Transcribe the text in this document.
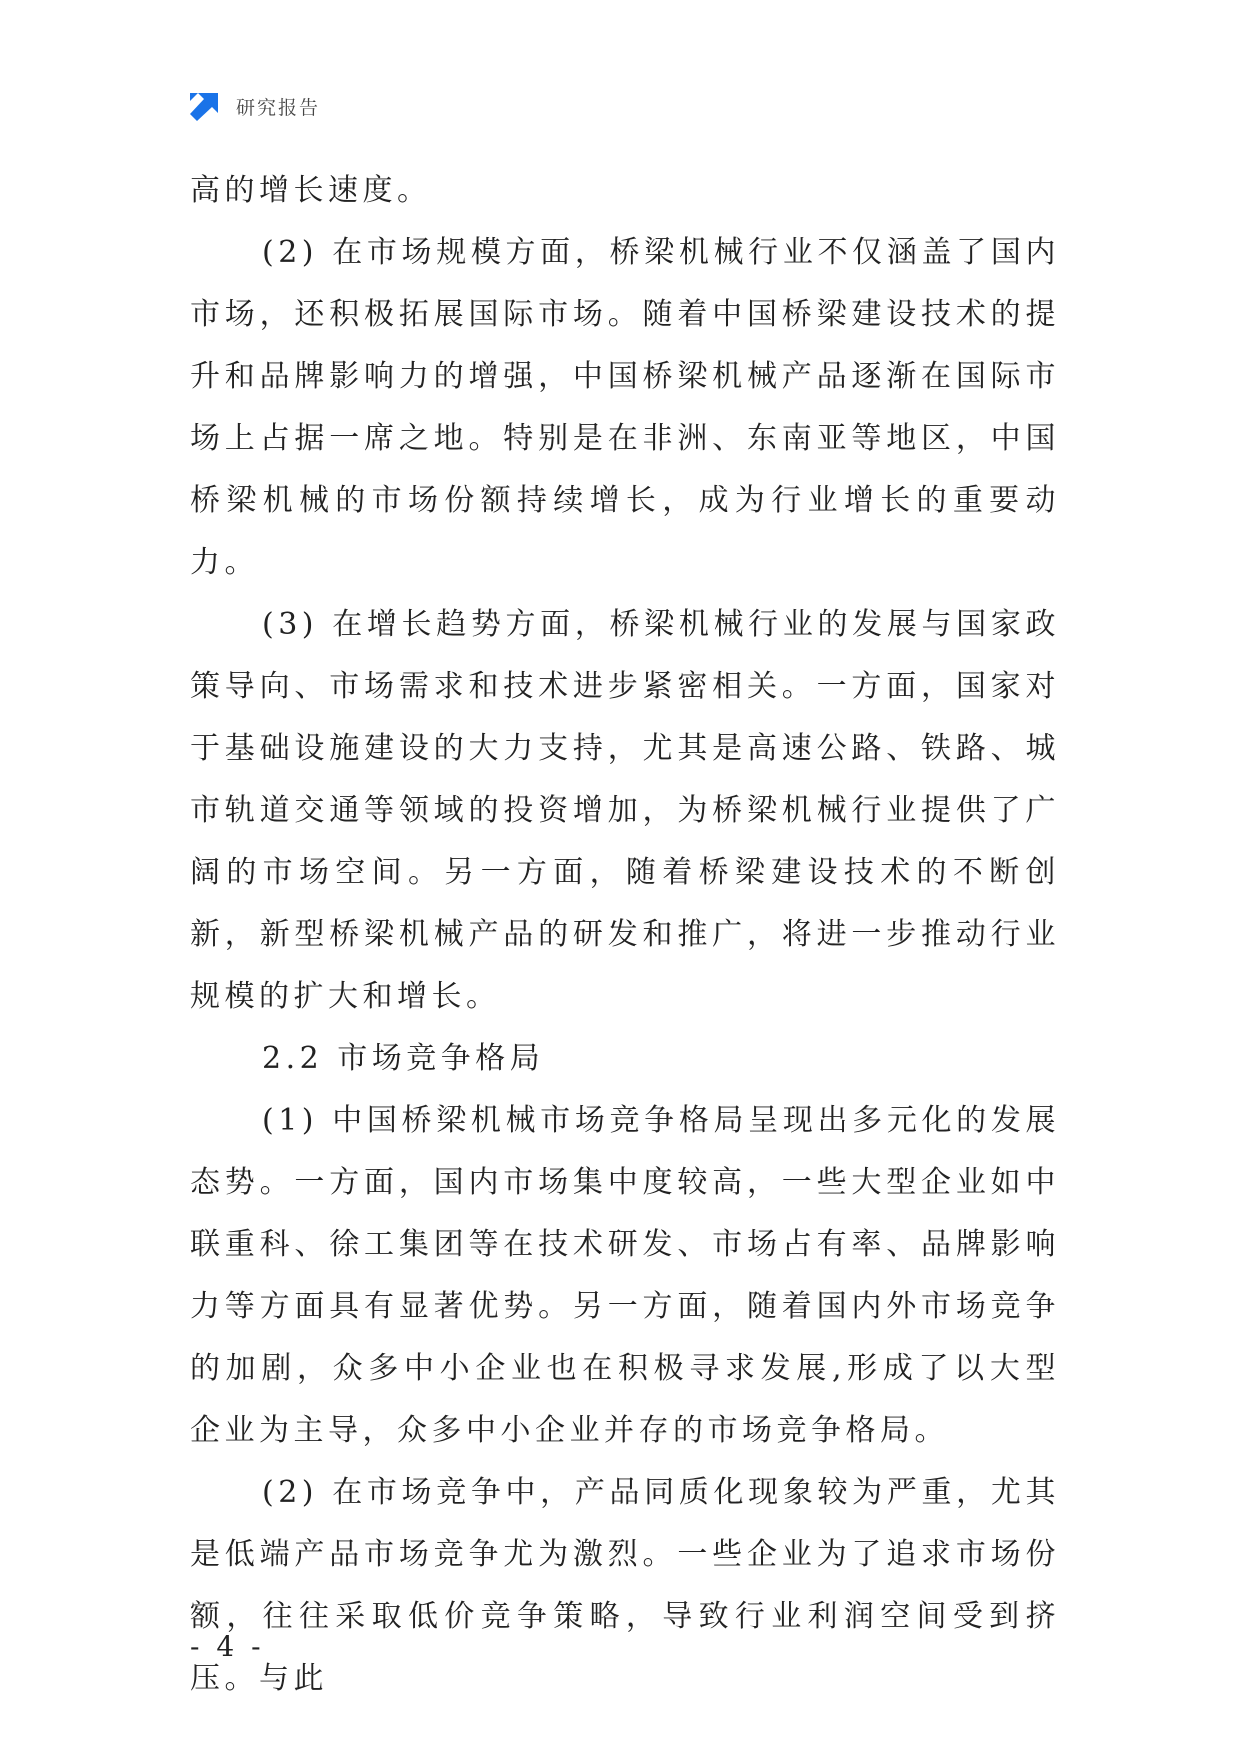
研究报告

高的增长速度。

(2) 在市场规模方面，桥梁机械行业不仅涵盖了国内市场，还积极拓展国际市场。随着中国桥梁建设技术的提升和品牌影响力的增强，中国桥梁机械产品逐渐在国际市场上占据一席之地。特别是在非洲、东南亚等地区，中国桥梁机械的市场份额持续增长，成为行业增长的重要动力。

(3) 在增长趋势方面，桥梁机械行业的发展与国家政策导向、市场需求和技术进步紧密相关。一方面，国家对于基础设施建设的大力支持，尤其是高速公路、铁路、城市轨道交通等领域的投资增加，为桥梁机械行业提供了广阔的市场空间。另一方面，随着桥梁建设技术的不断创新，新型桥梁机械产品的研发和推广，将进一步推动行业规模的扩大和增长。

2.2 市场竞争格局

(1) 中国桥梁机械市场竞争格局呈现出多元化的发展态势。一方面，国内市场集中度较高，一些大型企业如中联重科、徐工集团等在技术研发、市场占有率、品牌影响力等方面具有显著优势。另一方面，随着国内外市场竞争的加剧，众多中小企业也在积极寻求发展,形成了以大型企业为主导，众多中小企业并存的市场竞争格局。

(2) 在市场竞争中，产品同质化现象较为严重，尤其是低端产品市场竞争尤为激烈。一些企业为了追求市场份额，往往采取低价竞争策略，导致行业利润空间受到挤压。与此

- 4 -
